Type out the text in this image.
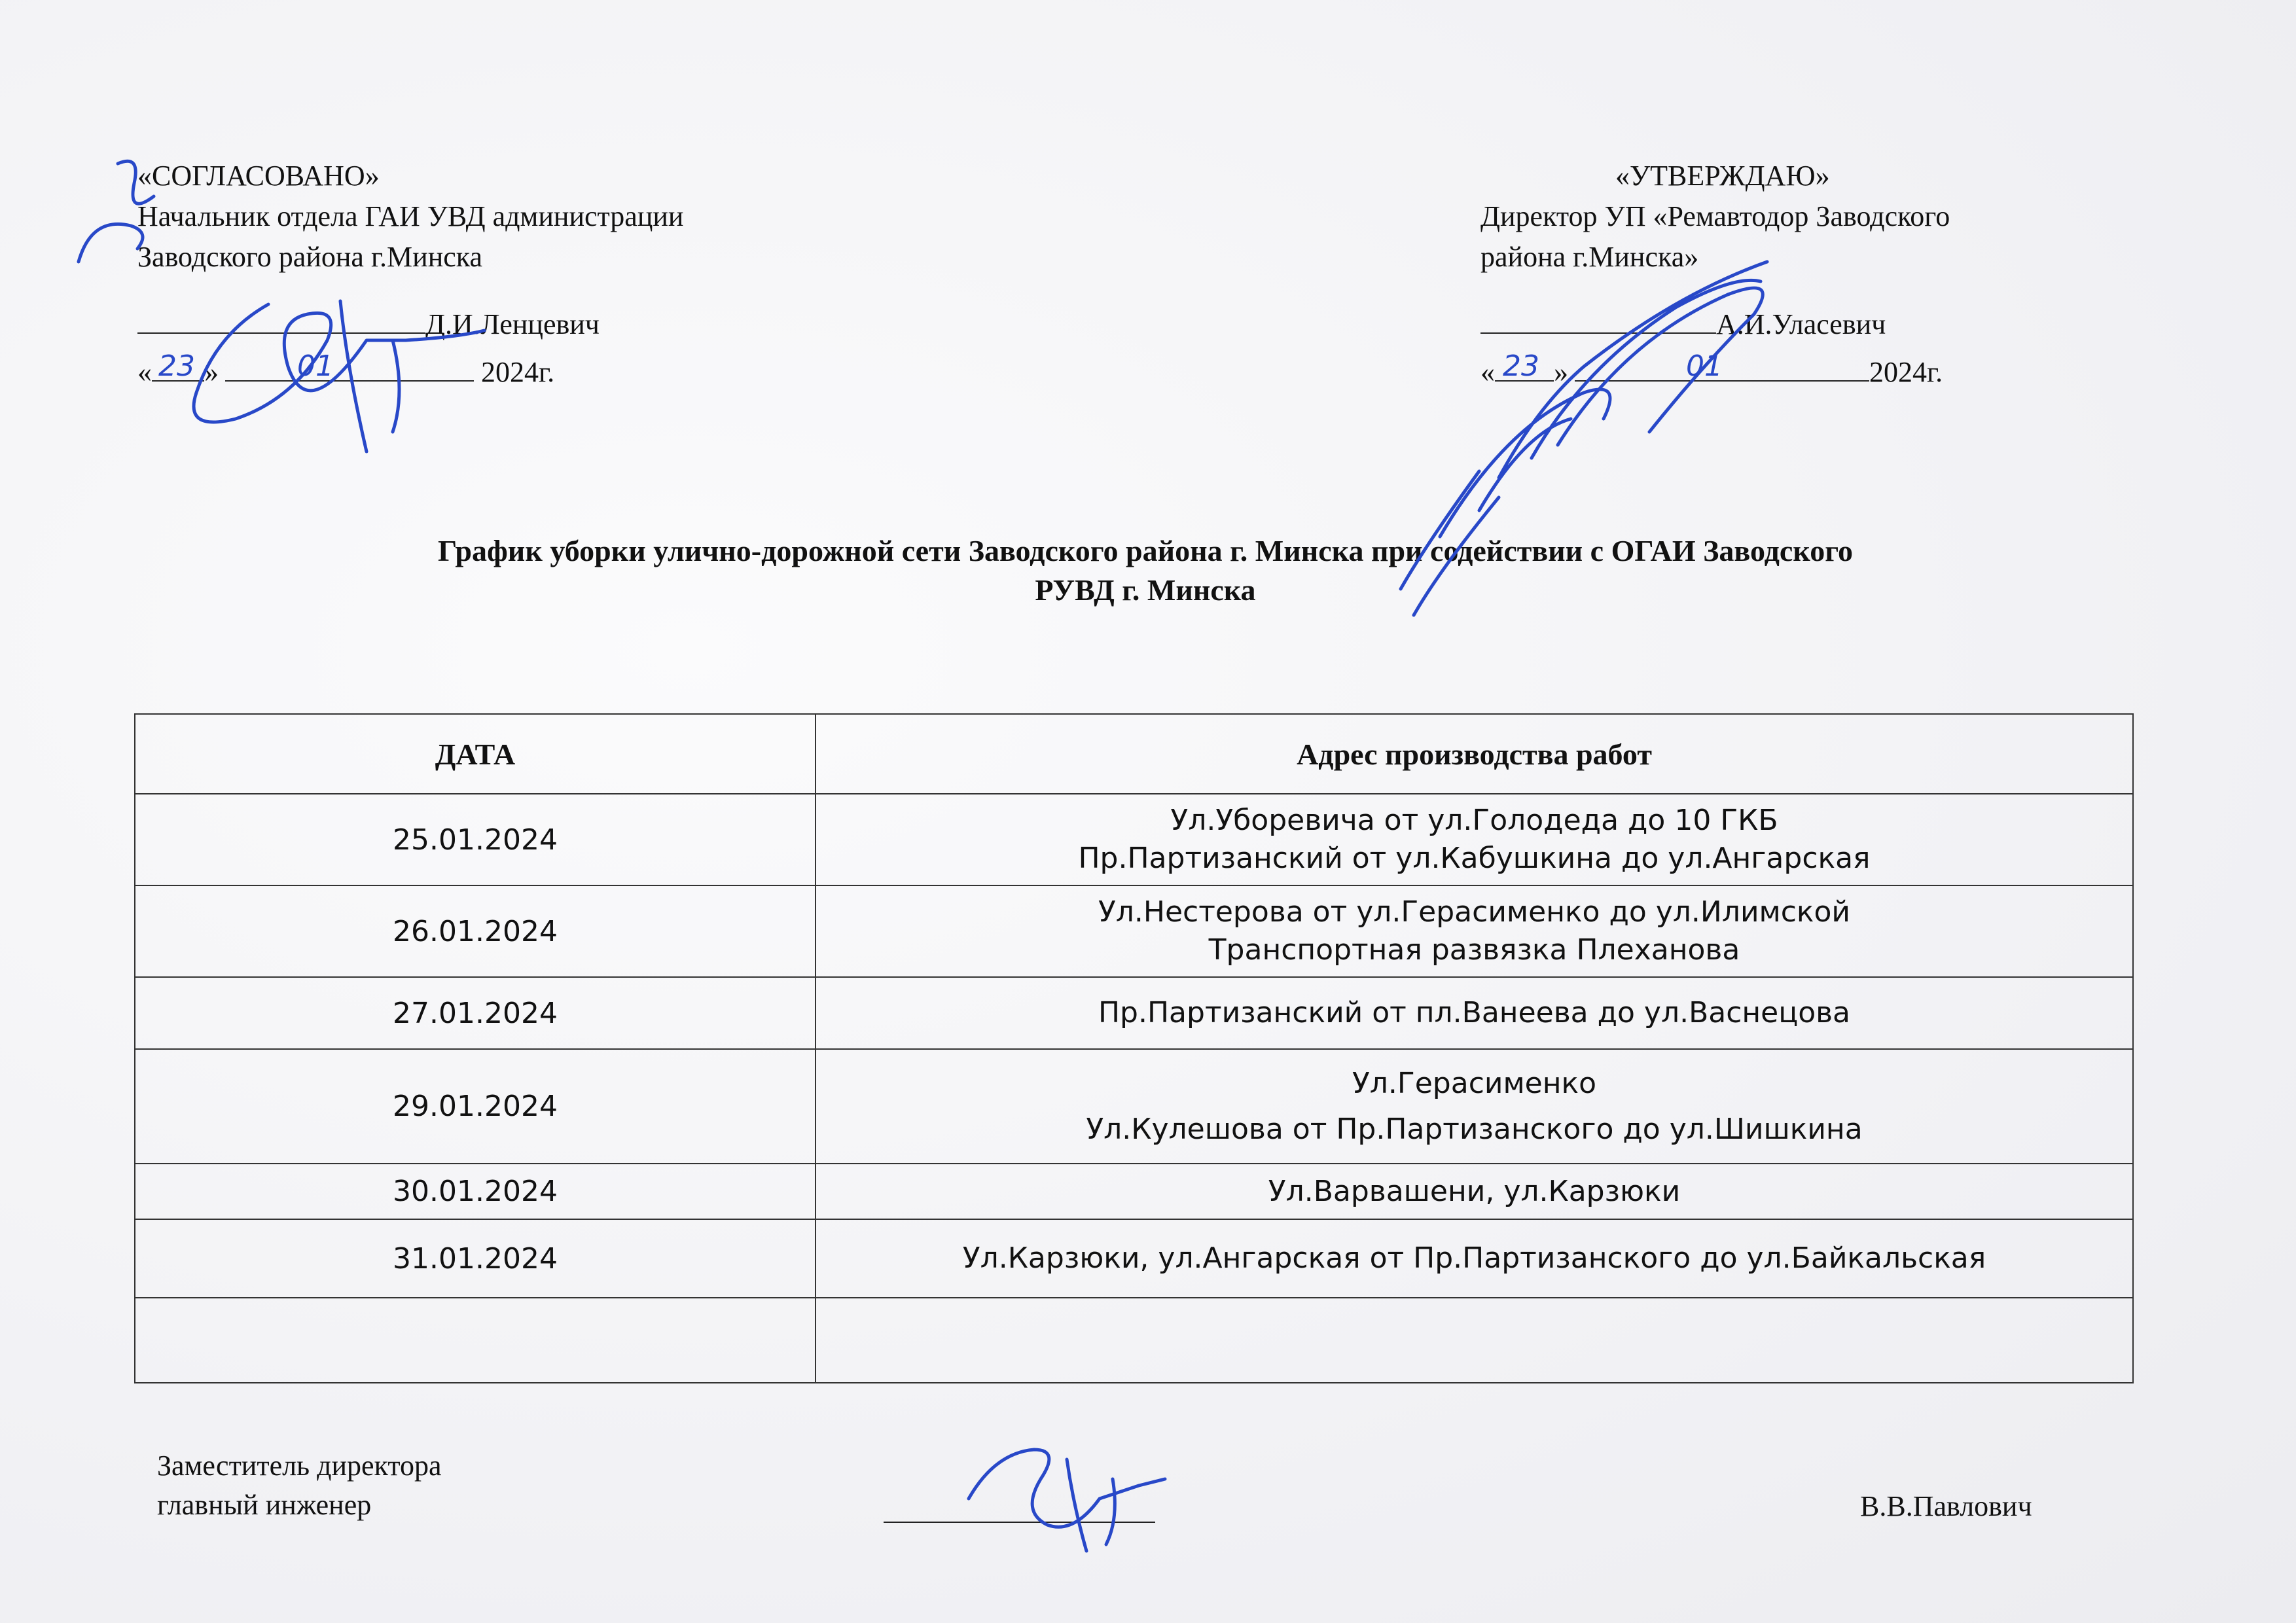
«СОГЛАСОВАНО»
Начальник отдела ГАИ УВД администрации
Заводского района г.Минска
Д.И.Ленцевич
« 23 »	01	2024г.
«УТВЕРЖДАЮ»
Директор УП «Ремавтодор Заводского
района г.Минска»
А.И.Уласевич
« 23 »	01	2024г.
График уборки улично-дорожной сети Заводского района г. Минска при содействии с ОГАИ Заводского
РУВД г. Минска
ДАТА	Адрес производства работ
25.01.2024	Ул.Уборевича от ул.Голодеда до 10 ГКБ
Пр.Партизанский от ул.Кабушкина до ул.Ангарская

26.01.2024	Ул.Нестерова от ул.Герасименко до ул.Илимской
Транспортная развязка Плеханова

27.01.2024	Пр.Партизанский от пл.Ванеева до ул.Васнецова

29.01.2024	Ул.Герасименко
Ул.Кулешова от Пр.Партизанского до ул.Шишкина

30.01.2024	Ул.Варвашени, ул.Карзюки

31.01.2024	Ул.Карзюки, ул.Ангарская от Пр.Партизанского до ул.Байкальская

Заместитель директора
главный инженер	В.В.Павлович
